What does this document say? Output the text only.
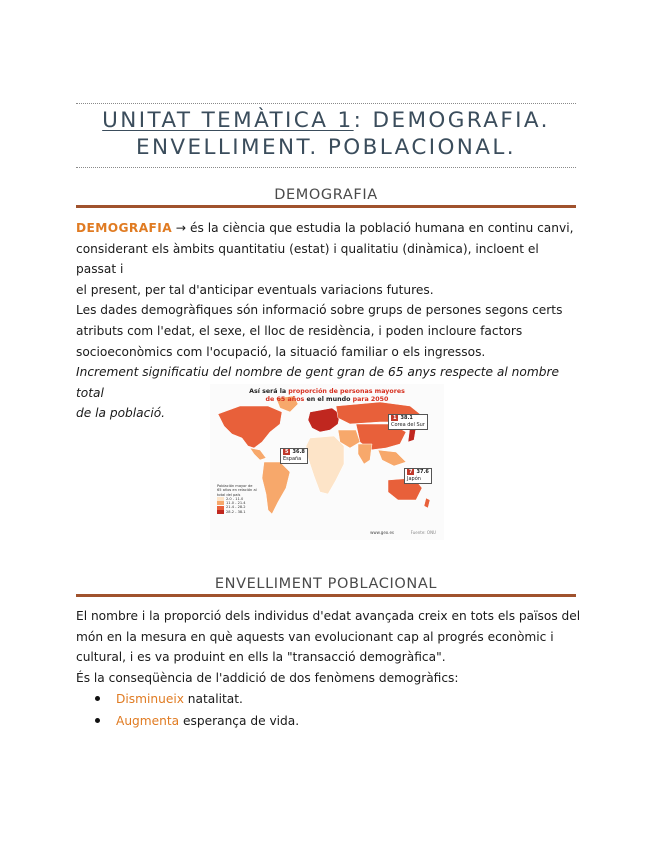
UNITAT TEMÀTICA 1: DEMOGRAFIA.
ENVELLIMENT. POBLACIONAL.
DEMOGRAFIA

DEMOGRAFIA → és la ciència que estudia la població humana en continu canvi,
considerant els àmbits quantitatiu (estat) i qualitatiu (dinàmica), incloent el passat i
el present, per tal d'anticipar eventuals variacions futures.
Les dades demogràfiques són informació sobre grups de persones segons certs
atributs com l'edat, el sexe, el lloc de residència, i poden incloure factors
socioeconòmics com l'ocupació, la situació familiar o els ingressos.
Increment significatiu del nombre de gent gran de 65 anys respecte al nombre total
de la població.

Así será la proporción de personas mayores
de 65 años en el mundo para 2050
1 38.1
Corea del Sur
5 36.8
España
7 37.6
Japón
Población mayor de 65 años en relación al total del país
2.0 - 11.0
11.0 - 21.4
21.4 - 28.2
28.2 - 38.1
www.geo.es	Fuente: ONU
ENVELLIMENT POBLACIONAL

El nombre i la proporció dels individus d'edat avançada creix en tots els països del
món en la mesura en què aquests van evolucionant cap al progrés econòmic i
cultural, i es va produint en ells la "transacció demogràfica".
És la conseqüència de l'addició de dos fenòmens demogràfics:

Disminueix natalitat.
Augmenta esperança de vida.
